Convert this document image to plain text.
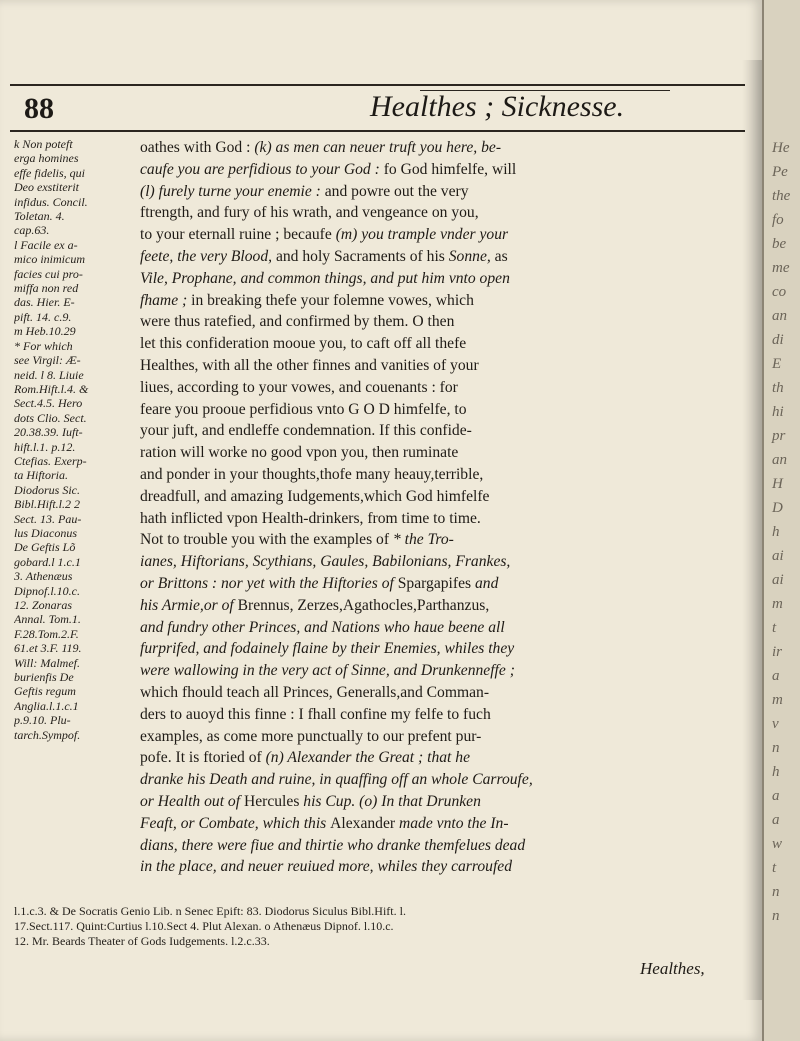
88	Healthes ; Sicknesse.
k Non poteft
erga homines
effe fidelis, qui
Deo exstiterit
infidus. Concil.
Toletan. 4.
cap.63.
l Facile ex a-
mico inimicum
facies cui pro-
miffa non red
das. Hier. E-
pift. 14. c.9.
m Heb.10.29
* For which
see Virgil: Æ-
neid. l 8. Liuie
Rom.Hift.l.4. &
Sect.4.5. Hero
dots Clio. Sect.
20.38.39. Iuft-
hift.l.1. p.12.
Ctefias. Exerp-
ta Hiftoria.
Diodorus Sic.
Bibl.Hift.l.2 2
Sect. 13. Pau-
lus Diaconus
De Geftis Lõ
gobard.l 1.c.1
3. Athenæus
Dipnof.l.10.c.
12. Zonaras
Annal. Tom.1.
F.28.Tom.2.F.
61.et 3.F. 119.
Will: Malmef.
burienfis De
Geftis regum
Anglia.l.1.c.1
p.9.10. Plu-
tarch.Sympof.
oathes with God : (k) as men can neuer truft you here, be-
caufe you are perfidious to your God : fo God himfelfe, will
(l) furely turne your enemie : and powre out the very
ftrength, and fury of his wrath, and vengeance on you,
to your eternall ruine ; becaufe (m) you trample vnder your
feete, the very Blood, and holy Sacraments of his Sonne, as
Vile, Prophane, and common things, and put him vnto open
fhame ; in breaking thefe your folemne vowes, which
were thus ratefied, and confirmed by them. O then
let this confideration mooue you, to caft off all thefe
Healthes, with all the other finnes and vanities of your
liues, according to your vowes, and couenants : for
feare you prooue perfidious vnto G O D himfelfe, to
your juft, and endleffe condemnation. If this confide-
ration will worke no good vpon you, then ruminate
and ponder in your thoughts,thofe many heauy,terrible,
dreadfull, and amazing Iudgements,which God himfelfe
hath inflicted vpon Health-drinkers, from time to time.
Not to trouble you with the examples of * the Tro-
ianes, Hiftorians, Scythians, Gaules, Babilonians, Frankes,
or Brittons : nor yet with the Hiftories of Spargapifes and
his Armie,or of Brennus, Zerzes,Agathocles,Parthanzus,
and fundry other Princes, and Nations who haue beene all
furprifed, and fodainely flaine by their Enemies, whiles they
were wallowing in the very act of Sinne, and Drunkenneffe ;
which fhould teach all Princes, Generalls,and Comman-
ders to auoyd this finne : I fhall confine my felfe to fuch
examples, as come more punctually to our prefent pur-
pofe. It is ftoried of (n) Alexander the Great ; that he
dranke his Death and ruine, in quaffing off an whole Carroufe,
or Health out of Hercules his Cup. (o) In that Drunken
Feaft, or Combate, which this Alexander made vnto the In-
dians, there were fiue and thirtie who dranke themfelues dead
in the place, and neuer reuiued more, whiles they carroufed
l.1.c.3. & De Socratis Genio Lib. n Senec Epift: 83. Diodorus Siculus Bibl.Hift. l.
17.Sect.117. Quint:Curtius l.10.Sect 4. Plut Alexan. o Athenæus Dipnof. l.10.c.
12. Mr. Beards Theater of Gods Iudgements. l.2.c.33.
Healthes,
He
Pe
the
fo
be
me
co
an
di
E
th
hi
pr
an
H
D
h
ai
ai
m
t
ir
a
m
v
n
h
a
a
w
t
n
n
